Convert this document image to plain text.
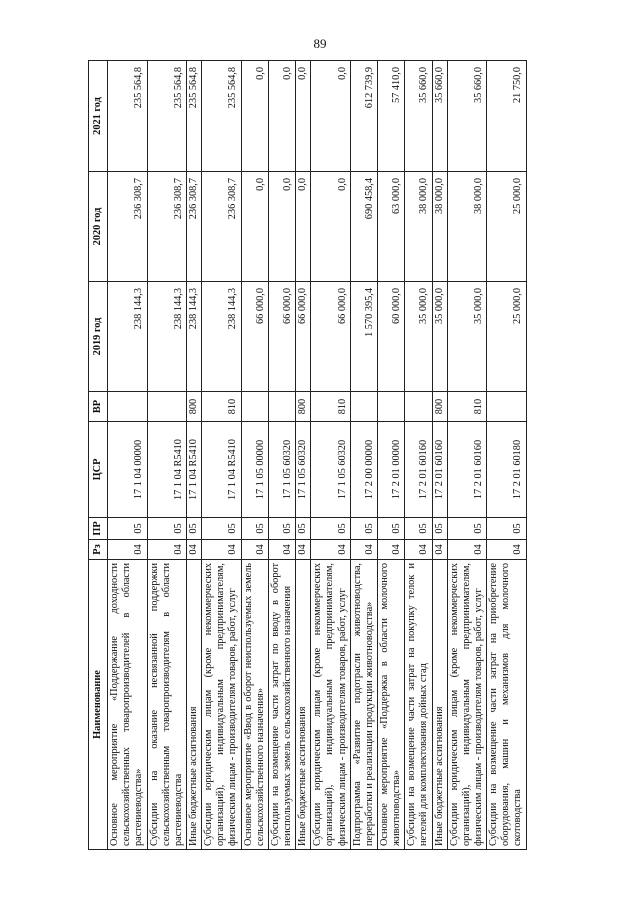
89
Наименование	Рз	ПР	ЦСР	ВР	2019 год	2020 год	2021 год
Основное мероприятие «Поддержание доходности сельскохозяйственных товаропроизводителей в области растениеводства»	04	05	17 1 04 00000		238 144,3	236 308,7	235 564,8
Субсидии на оказание несвязанной поддержки сельскохозяйственным товаропроизводителям в области растениеводства	04	05	17 1 04 R5410		238 144,3	236 308,7	235 564,8
Иные бюджетные ассигнования	04	05	17 1 04 R5410	800	238 144,3	236 308,7	235 564,8
Субсидии юридическим лицам (кроме некоммерческих организаций), индивидуальным предпринимателям, физическим лицам - производителям товаров, работ, услуг	04	05	17 1 04 R5410	810	238 144,3	236 308,7	235 564,8
Основное мероприятие «Ввод в оборот неиспользуемых земель сельскохозяйственного назначения»	04	05	17 1 05 00000		66 000,0	0,0	0,0
Субсидии на возмещение части затрат по вводу в оборот неиспользуемых земель сельскохозяйственного назначения	04	05	17 1 05 60320		66 000,0	0,0	0,0
Иные бюджетные ассигнования	04	05	17 1 05 60320	800	66 000,0	0,0	0,0
Субсидии юридическим лицам (кроме некоммерческих организаций), индивидуальным предпринимателям, физическим лицам - производителям товаров, работ, услуг	04	05	17 1 05 60320	810	66 000,0	0,0	0,0
Подпрограмма «Развитие подотрасли животноводства, переработки и реализации продукции животноводства»	04	05	17 2 00 00000		1 570 395,4	690 458,4	612 739,9
Основное мероприятие «Поддержка в области молочного животноводства»	04	05	17 2 01 00000		60 000,0	63 000,0	57 410,0
Субсидии на возмещение части затрат на покупку телок и нетелей для комплектования дойных стад	04	05	17 2 01 60160		35 000,0	38 000,0	35 660,0
Иные бюджетные ассигнования	04	05	17 2 01 60160	800	35 000,0	38 000,0	35 660,0
Субсидии юридическим лицам (кроме некоммерческих организаций), индивидуальным предпринимателям, физическим лицам - производителям товаров, работ, услуг	04	05	17 2 01 60160	810	35 000,0	38 000,0	35 660,0
Субсидии на возмещение части затрат на приобретение оборудования, машин и механизмов для молочного скотоводства	04	05	17 2 01 60180		25 000,0	25 000,0	21 750,0
